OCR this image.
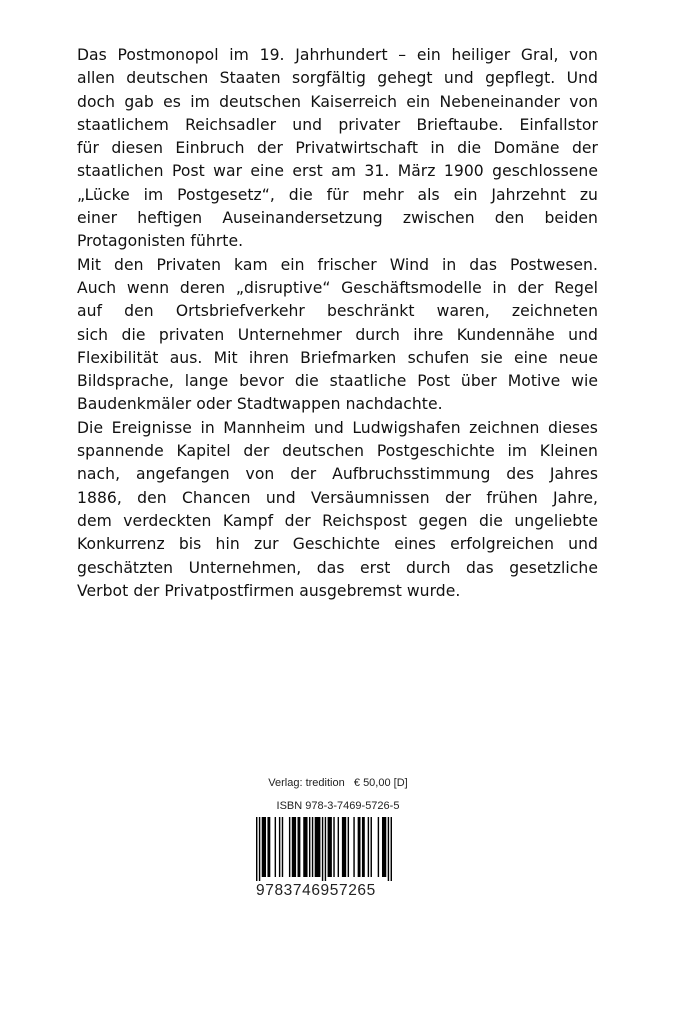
Das Postmonopol im 19. Jahrhundert – ein heiliger Gral, von
allen deutschen Staaten sorgfältig gehegt und gepflegt. Und
doch gab es im deutschen Kaiserreich ein Nebeneinander von
staatlichem Reichsadler und privater Brieftaube. Einfallstor
für diesen Einbruch der Privatwirtschaft in die Domäne der
staatlichen Post war eine erst am 31. März 1900 geschlossene
„Lücke im Postgesetz“, die für mehr als ein Jahrzehnt zu
einer heftigen Auseinandersetzung zwischen den beiden
Protagonisten führte.

Mit den Privaten kam ein frischer Wind in das Postwesen.
Auch wenn deren „disruptive“ Geschäftsmodelle in der Regel
auf den Ortsbriefverkehr beschränkt waren, zeichneten
sich die privaten Unternehmer durch ihre Kundennähe und
Flexibilität aus. Mit ihren Briefmarken schufen sie eine neue
Bildsprache, lange bevor die staatliche Post über Motive wie
Baudenkmäler oder Stadtwappen nachdachte.

Die Ereignisse in Mannheim und Ludwigshafen zeichnen dieses
spannende Kapitel der deutschen Postgeschichte im Kleinen
nach, angefangen von der Aufbruchsstimmung des Jahres
1886, den Chancen und Versäumnissen der frühen Jahre,
dem verdeckten Kampf der Reichspost gegen die ungeliebte
Konkurrenz bis hin zur Geschichte eines erfolgreichen und
geschätzten Unternehmen, das erst durch das gesetzliche
Verbot der Privatpostfirmen ausgebremst wurde.

Verlag: tredition € 50,00 [D]
ISBN 978-3-7469-5726-5
9783746957265
